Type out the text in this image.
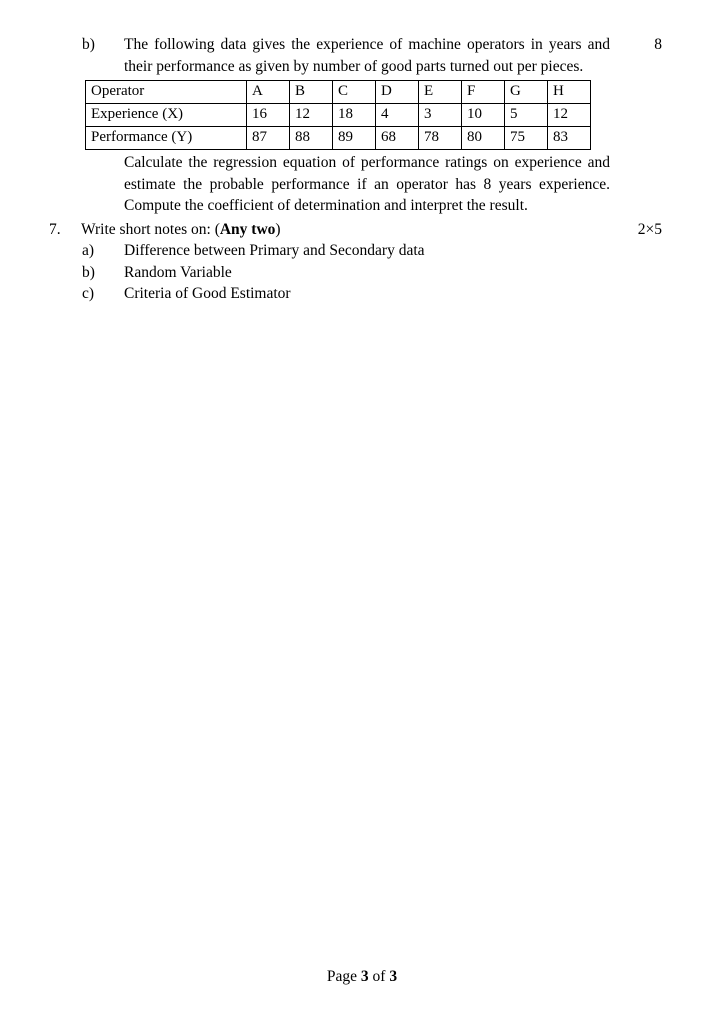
b)	The following data gives the experience of machine operators in years and their performance as given by number of good parts turned out per pieces.
8
Operator	A	B	C	D	E	F	G	H
Experience (X)	16	12	18	4	3	10	5	12
Performance (Y)	87	88	89	68	78	80	75	83
Calculate the regression equation of performance ratings on experience and estimate the probable performance if an operator has 8 years experience. Compute the coefficient of determination and interpret the result.
7.	Write short notes on: (Any two)	2×5
a)	Difference between Primary and Secondary data
b)	Random Variable
c)	Criteria of Good Estimator
Page 3 of 3
